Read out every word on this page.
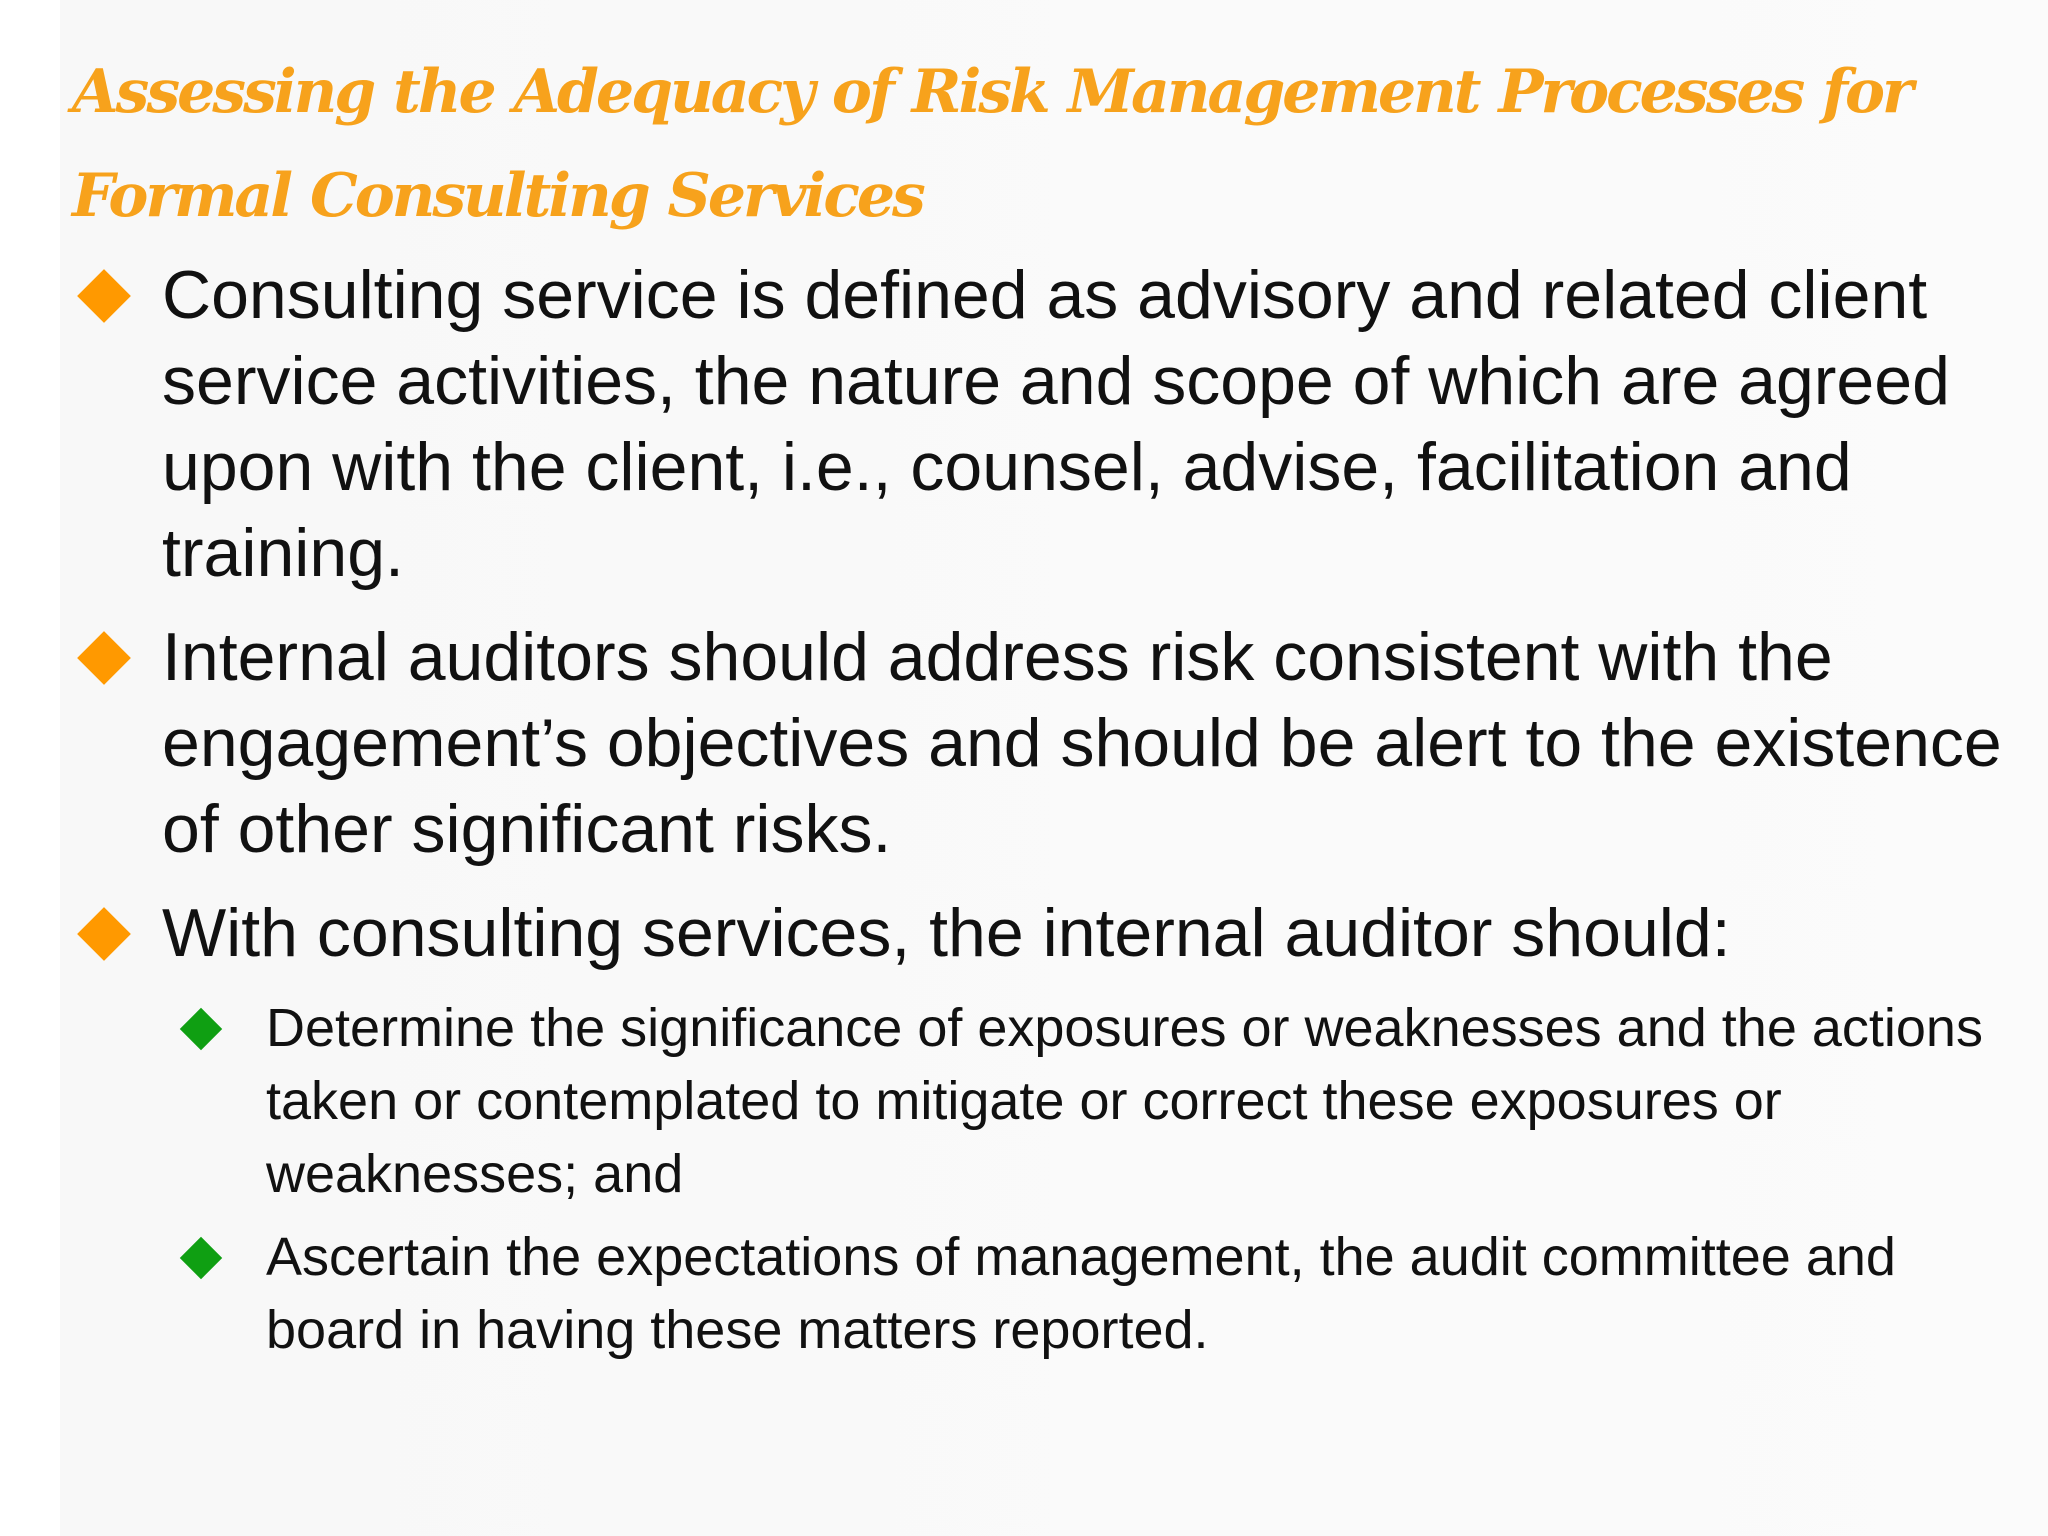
Assessing the Adequacy of Risk Management Processes for Formal Consulting Services
Consulting service is defined as advisory and related client service activities, the nature and scope of which are agreed upon with the client, i.e., counsel, advise, facilitation and training.
Internal auditors should address risk consistent with the engagement’s objectives and should be alert to the existence of other significant risks.
With consulting services, the internal auditor should:
Determine the significance of exposures or weaknesses and the actions taken or contemplated to mitigate or correct these exposures or weaknesses; and
Ascertain the expectations of management, the audit committee and board in having these matters reported.
